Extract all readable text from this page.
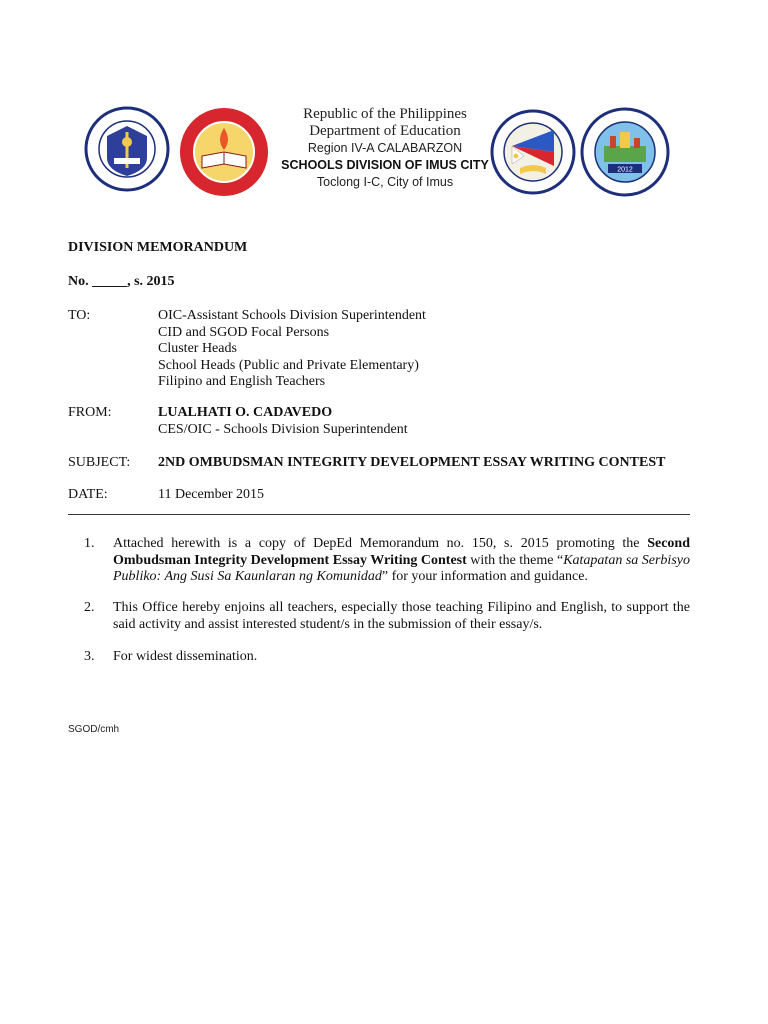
Republic of the Philippines
Department of Education
Region IV-A CALABARZON
SCHOOLS DIVISION OF IMUS CITY
Toclong I-C, City of Imus
2012
DIVISION MEMORANDUM
No. _____, s. 2015
TO:	OIC-Assistant Schools Division Superintendent
CID and SGOD Focal Persons
Cluster Heads
School Heads (Public and Private Elementary)
Filipino and English Teachers
FROM:	LUALHATI O. CADAVEDO
CES/OIC - Schools Division Superintendent
SUBJECT: 2ND OMBUDSMAN INTEGRITY DEVELOPMENT ESSAY WRITING CONTEST
DATE:	11 December 2015
1. Attached herewith is a copy of DepEd Memorandum no. 150, s. 2015 promoting the Second Ombudsman Integrity Development Essay Writing Contest with the theme “Katapatan sa Serbisyo Publiko: Ang Susi Sa Kaunlaran ng Komunidad” for your information and guidance.
2. This Office hereby enjoins all teachers, especially those teaching Filipino and English, to support the said activity and assist interested student/s in the submission of their essay/s.
3. For widest dissemination.
SGOD/cmh
